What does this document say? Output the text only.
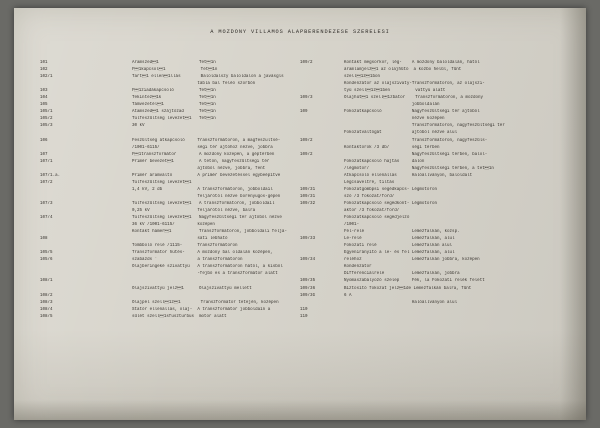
A MOZDONY VILLAMOS ALAPBERENDEZESE SZERELESI
101
102
102/1

103
104
105
105/1
105/2
105/3

106

107
107/1

107/1.a.
107/2

107/3

107/4

108

105/5
105/6

108/1

108/2
108/3
108/4
108/5
Aramszed1                Tet1n
F1kapcsol1              Tet1n
Tart1 ellen1llás        Baloldalszy baloldalon a javásgls
tábla bal feléő szorbón
F1ziadákapcsoló          Tet1n
Tekintez1k               Tet1n
Támvezetél1              Tet1n
Átamszed1 szájtózad      Tet1n
Túlfeszültség levezet1   Tet1n
30 kV

Feszültség átkapcsoló     Transzformátoron, a magfeszultsé-
/1001-6115/               ségi tér ajtóhoz nézve, jobbra
F1transzformátor         A mozdony közepén, a géptérben
Primér bevezet1          A tetőn, nagyfeszültségi tér
ajtóból nézve, jobbra, fent
Primér áramváltó          A primér bevezetéssel egybeépítve
Túlfeszültség levezet1
1,4 kV, 2 db              A transzformátoron, jöbboldaíl
feljárótól nézve börényugos-gépen
Túlfeszültség levezet1   A transzformátoron, jöbboldaíl
0,25 kV                   feljárótól nézve, balra
Túlfeszültség levezet1   Nagyfeszültségi tér ajtóból nézve
36 kV /1001-6115/         középen
Kontákt hámer1           Transzformátoron, jobboldali feljá-
sáti lebható
Tombboló relé /1115-      Transzformátoron
Transzformátor hűtés-     A mozdony bal oldalán középen,
szabázds ´                a transzformátoron
Olajberingeké szivattyú   A transzformátoron hától, a kisból
-fejbó es a transzformátor alatt

Olajszivattyú jelz1      Olajszivattyú mellett

Olajpél szell1z1        Transzformátor tetején, középen
Statór ellenállás, olaj-  A transzformátor jobboldaín a
sülét szell1sfuszturbus  motor alatt
109/2

109/3

109

109/2

109/2

109/31
109/31
109/32

109/33

109/34

109/35
109/36
109/3G

110
110
Kontákt megsorkor, lég-    A mozdony baloldalán, hától
áramlamjelz1 az olajhütő  a közbö helül, fünt
szell1z1bön
Kondenzátor az olajszivaty-Transzformátoron, az olajszi-
tyú szell1z1ben          vattyú alatt
Olajhűt1 szell1zbator    Transzformátoron, a mozdony
jobboldalán
Fokozatkapcsoló            Nagyfeszültségi tér ajtóból
nézve középen
Transzformátoron, nagyfeszültségi tér
Fokozatváltógát            ajtóból nézve alul
Transzformátoron, nagyfeszüls-
Kontaktorok /3 db/         ségi térben
Nagyfeszültségi térben, balol-
Fokozatkapcsoló hajtás     dalon
/légmotor/                 Nagyfeszültségi térben, a tet1n
Átkapcsoló ellenállás      Halóállványon, baloldalt
Légcsaveltré, tiltás
Fokozatgombpsi segédkapcs- Légmotoron
szó /3 fokozat/ford/
Fokozatkapcsoló segédkont- Légmotoron
aktor /3 fokozat/ford/
Fokozatkapcsoló segédjelzó
/1001-
Fél-relé                   Lemezfalkán, közsp.
Le-relé                    Lemezfalkán, alul
Fokozati relé              Lemezfalkán alul
Egyenirányító a le- és fel Lemezfalkán, alul
reléhoz                    Lemezfalkán jobbra, középen
Kondenzátor
Differenciálrelé           Lemezfalkán, jobbra
Nyomaszabályozó szelep     Fék, la Fokozati relék felett
Biztosító fokozat jelz1de Lemezfalkán balra, fünt
6 A
Halóállványon alul
